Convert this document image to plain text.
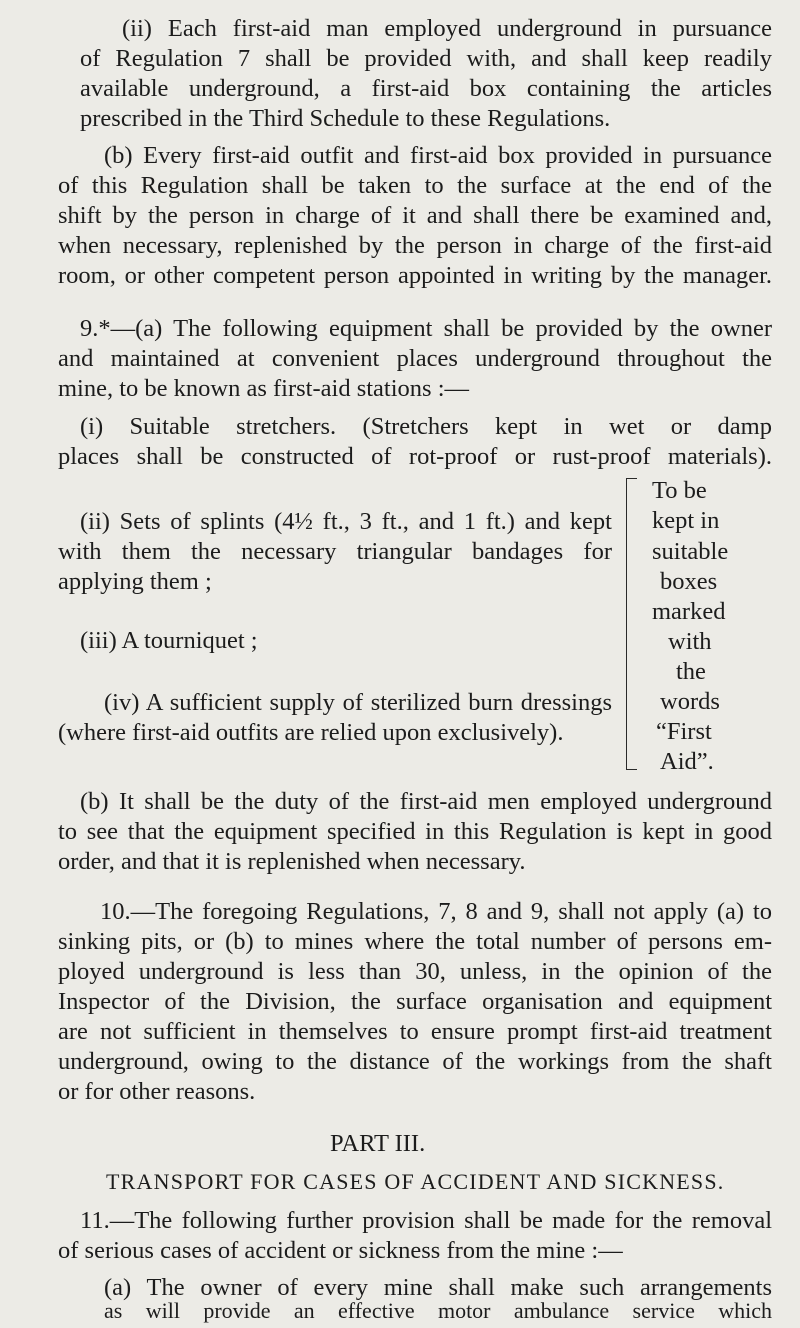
(ii) Each first-aid man employed underground in pursuance
of Regulation 7 shall be provided with, and shall keep readily
available underground, a first-aid box containing the articles
prescribed in the Third Schedule to these Regulations.
(b) Every first-aid outfit and first-aid box provided in pursuance
of this Regulation shall be taken to the surface at the end of the
shift by the person in charge of it and shall there be examined and,
when necessary, replenished by the person in charge of the first-aid
room, or other competent person appointed in writing by the manager.
9.*—(a) The following equipment shall be provided by the owner
and maintained at convenient places underground throughout the
mine, to be known as first-aid stations :—
(i) Suitable stretchers. (Stretchers kept in wet or damp
places shall be constructed of rot-proof or rust-proof materials).
(ii) Sets of splints (4½ ft., 3 ft., and 1 ft.) and kept
with them the necessary triangular bandages for
applying them ;
(iii) A tourniquet ;
(iv) A sufficient supply of sterilized burn dressings
(where first-aid outfits are relied upon exclusively).
To be
kept in
suitable
boxes
marked
with
the
words
“First
Aid”.
(b) It shall be the duty of the first-aid men employed underground
to see that the equipment specified in this Regulation is kept in good
order, and that it is replenished when necessary.
10.—The foregoing Regulations, 7, 8 and 9, shall not apply (a) to
sinking pits, or (b) to mines where the total number of persons em-
ployed underground is less than 30, unless, in the opinion of the
Inspector of the Division, the surface organisation and equipment
are not sufficient in themselves to ensure prompt first-aid treatment
underground, owing to the distance of the workings from the shaft
or for other reasons.
PART III.
TRANSPORT FOR CASES OF ACCIDENT AND SICKNESS.
11.—The following further provision shall be made for the removal
of serious cases of accident or sickness from the mine :—
(a) The owner of every mine shall make such arrangements
as will provide an effective motor ambulance service which
